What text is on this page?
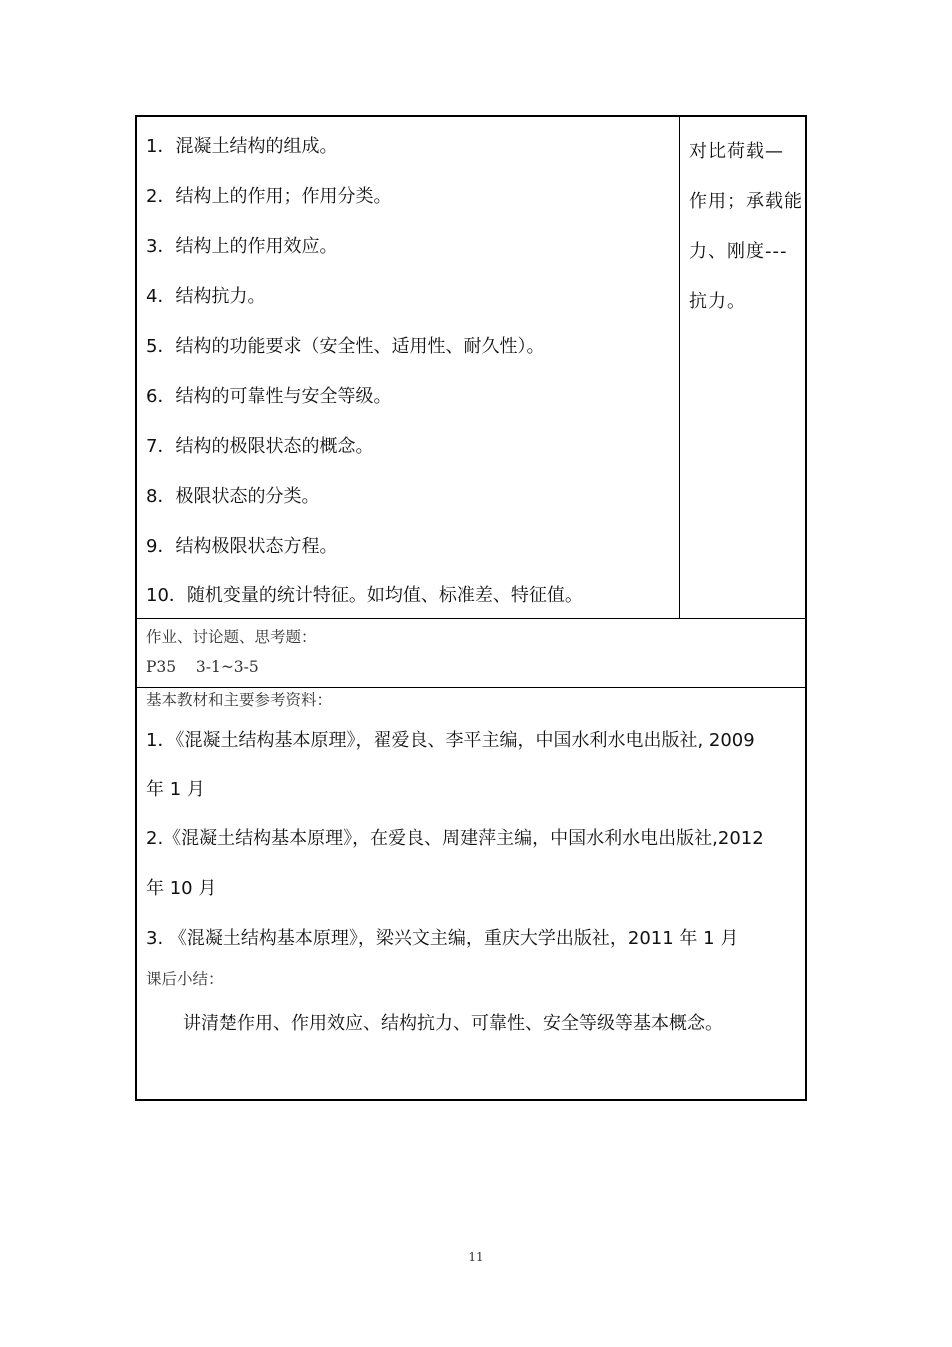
1．混凝土结构的组成。
2．结构上的作用；作用分类。
3．结构上的作用效应。
4．结构抗力。
5．结构的功能要求（安全性、适用性、耐久性）。
6．结构的可靠性与安全等级。
7．结构的极限状态的概念。
8．极限状态的分类。
9．结构极限状态方程。
10．随机变量的统计特征。如均值、标准差、特征值。
对比荷载—
作用；承载能
力、刚度---
抗力。
作业、讨论题、思考题：
P35    3-1~3-5
基本教材和主要参考资料：
1．《混凝土结构基本原理》，翟爱良、李平主编，中国水利水电出版社, 2009
年 1 月
2.《混凝土结构基本原理》，在爱良、周建萍主编，中国水利水电出版社,2012
年 10 月
3. 《混凝土结构基本原理》，梁兴文主编，重庆大学出版社，2011 年 1 月
课后小结：
讲清楚作用、作用效应、结构抗力、可靠性、安全等级等基本概念。
11
